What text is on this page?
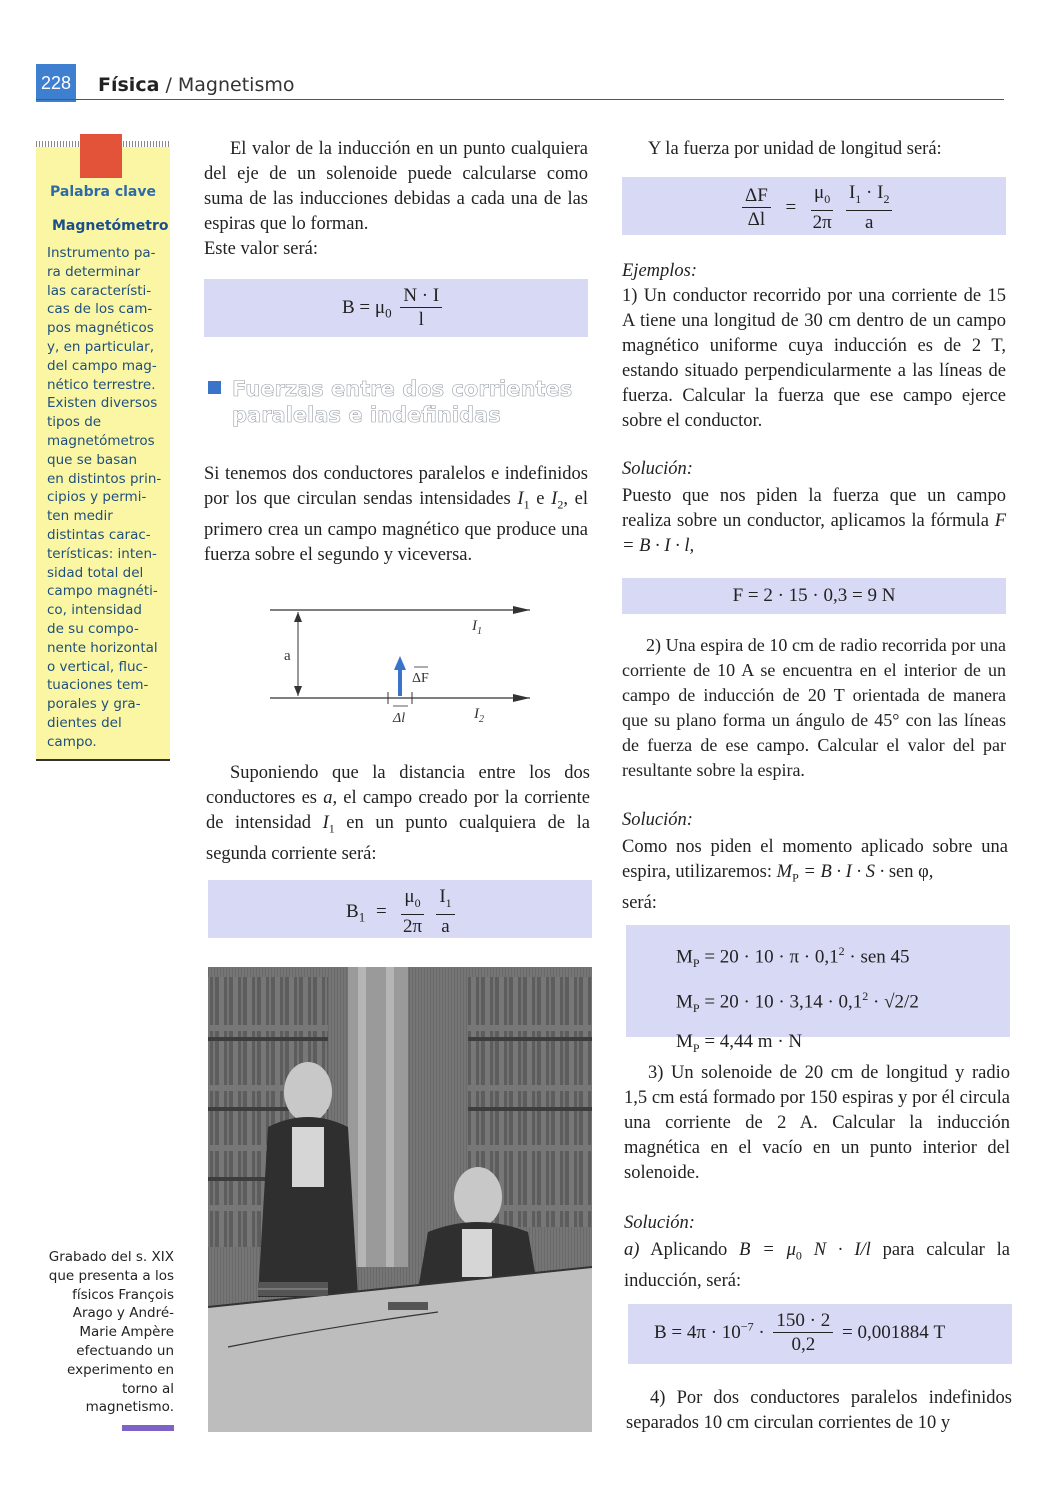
228 Física / Magnetismo
Palabra clave
Magnetómetro
Instrumento pa-
ra determinar
las característi-
cas de los cam-
pos magnéticos
y, en particular,
del campo mag-
nético terrestre.
Existen diversos
tipos de
magnetómetros
que se basan
en distintos prin-
cipios y permi-
ten medir
distintas carac-
terísticas: inten-
sidad total del
campo magnéti-
co, intensidad
de su compo-
nente horizontal
o vertical, fluc-
tuaciones tem-
porales y gra-
dientes del
campo.
El valor de la inducción en un punto cualquiera del eje de un solenoide puede calcularse como suma de las inducciones debidas a cada una de las espiras que lo forman.
Este valor será:
$B = \mu_0 \frac{N \cdot I}{l}$
Fuerzas entre dos corrientes
paralelas e indefinidas
Si tenemos dos conductores paralelos e indefinidos por los que circulan sendas intensidades $I_1$ e $I_2$, el primero crea un campo magnético que produce una fuerza sobre el segundo y viceversa.
a
$I_1$
$I_2$
ΔF
Δl
Suponiendo que la distancia entre los dos conductores es a, el campo creado por la corriente de intensidad $I_1$ en un punto cualquiera de la segunda corriente será:
$B_1 = \frac{\mu_0}{2\pi}$
$\frac{I_1}{a}$
Grabado del s. XIX
que presenta a los
físicos François
Arago y André-
Marie Ampère
efectuando un
experimento en
torno al
magnetismo.
Y la fuerza por unidad de longitud será:
$\frac{\Delta F}{\Delta l} = \frac{\mu_0}{2\pi}$
$\frac{I_1 \cdot I_2}{a}$
Ejemplos:
1) Un conductor recorrido por una corriente de 15 A tiene una longitud de 30 cm dentro de un campo magnético uniforme cuya inducción es de 2 T, estando situado perpendicularmente a las líneas de fuerza. Calcular la fuerza que ese campo ejerce sobre el conductor.
Solución:
Puesto que nos piden la fuerza que un campo realiza sobre un conductor, aplicamos la fórmula F = B · I · l,
F = 2 · 15 · 0,3 = 9 N
2) Una espira de 10 cm de radio recorrida por una corriente de 10 A se encuentra en el interior de un campo de inducción de 20 T orientada de manera que su plano forma un ángulo de 45° con las líneas de fuerza de ese campo. Calcular el valor del par resultante sobre la espira.
Solución:
Como nos piden el momento aplicado sobre una espira, utilizaremos: $M_P = B \cdot I \cdot S$ · sen φ,
será:
$M_P = 20 \cdot 10 \cdot \pi \cdot 0,1^2$ · sen 45
$M_P = 20 \cdot 10 \cdot 3,14 \cdot 0,1^2 \cdot √2/2$
$M_P = 4,44$ m · N
3) Un solenoide de 20 cm de longitud y radio 1,5 cm está formado por 150 espiras y por él circula una corriente de 2 A. Calcular la inducción magnética en el vacío en un punto interior del solenoide.
Solución:
a) Aplicando $B = \mu_0$ N · I/l para calcular la inducción, será:
$B = 4\pi \cdot 10^{-7} \cdot \frac{150 \cdot 2}{0,2} = 0,001884$ T
4) Por dos conductores paralelos indefinidos separados 10 cm circulan corrientes de 10 y
